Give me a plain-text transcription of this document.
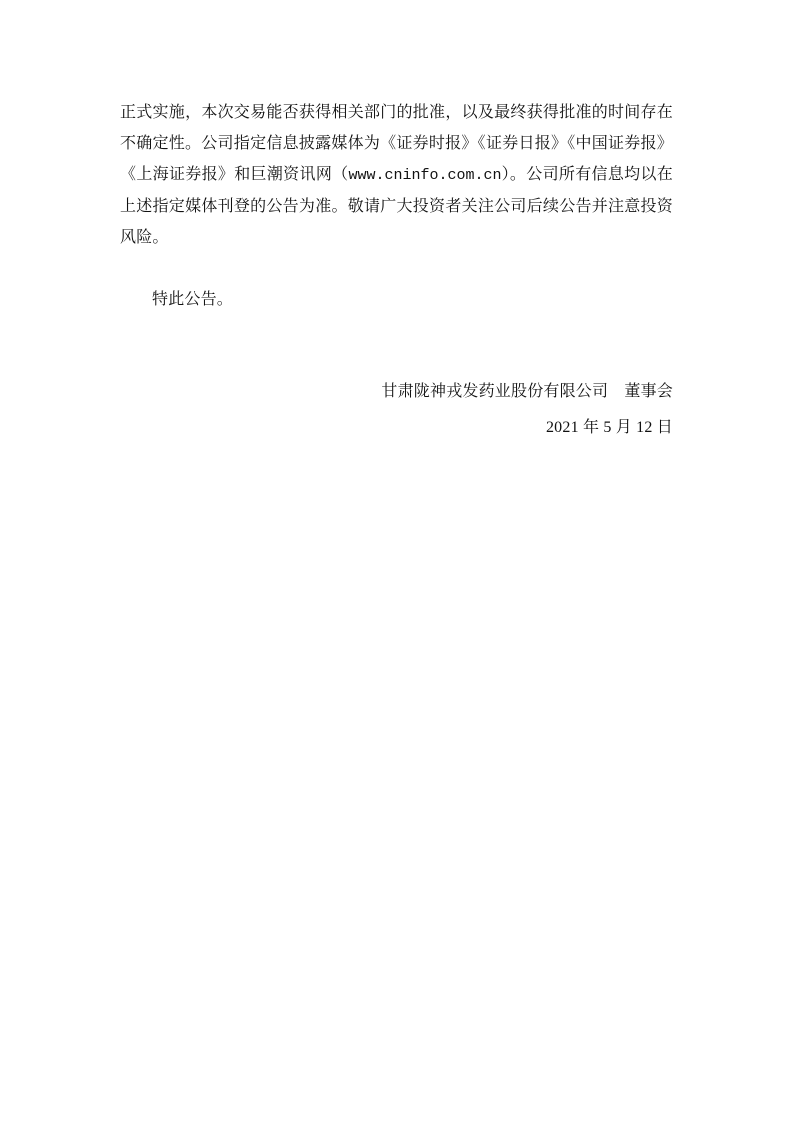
正式实施，本次交易能否获得相关部门的批准，以及最终获得批准的时间存在不确定性。公司指定信息披露媒体为《证券时报》《证券日报》《中国证券报》《上海证券报》和巨潮资讯网（www.cninfo.com.cn）。公司所有信息均以在上述指定媒体刊登的公告为准。敬请广大投资者关注公司后续公告并注意投资风险。

特此公告。

甘肃陇神戎发药业股份有限公司　董事会

2021 年 5 月 12 日
